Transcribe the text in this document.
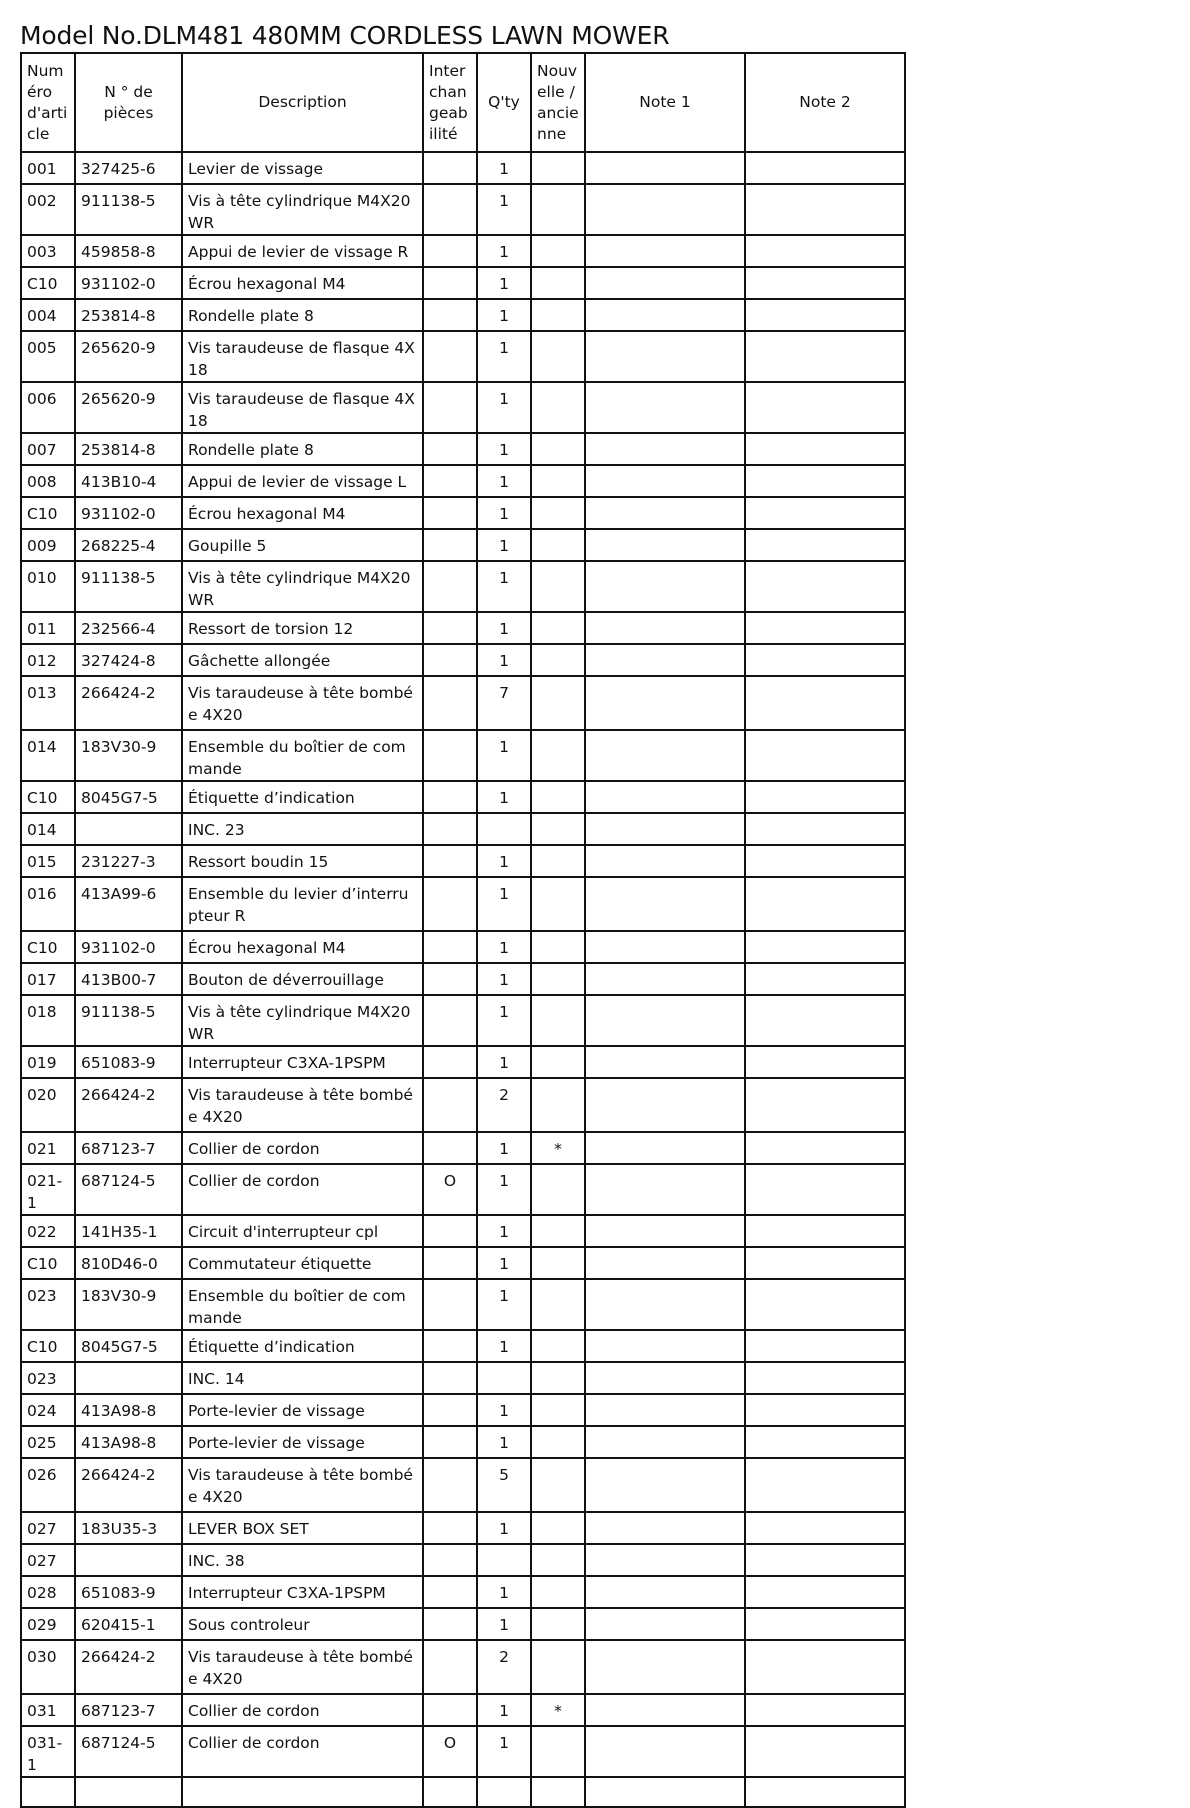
Model No.DLM481 480MM CORDLESS LAWN MOWER
Numéro d'article	N ° de pièces	Description	Interchangeabilité	Q'ty	Nouvelle / ancienne	Note 1	Note 2
001	327425-6	Levier de vissage		1			
002	911138-5	Vis à tête cylindrique M4X20 WR		1			
003	459858-8	Appui de levier de vissage R		1			
C10	931102-0	Écrou hexagonal M4		1			
004	253814-8	Rondelle plate 8		1			
005	265620-9	Vis taraudeuse de flasque 4X18		1			
006	265620-9	Vis taraudeuse de flasque 4X18		1			
007	253814-8	Rondelle plate 8		1			
008	413B10-4	Appui de levier de vissage L		1			
C10	931102-0	Écrou hexagonal M4		1			
009	268225-4	Goupille 5		1			
010	911138-5	Vis à tête cylindrique M4X20 WR		1			
011	232566-4	Ressort de torsion 12		1			
012	327424-8	Gâchette allongée		1			
013	266424-2	Vis taraudeuse à tête bombée 4X20		7			
014	183V30-9	Ensemble du boîtier de commande		1			
C10	8045G7-5	Étiquette d’indication		1			
014		INC. 23					
015	231227-3	Ressort boudin 15		1			
016	413A99-6	Ensemble du levier d’interrupteur R		1			
C10	931102-0	Écrou hexagonal M4		1			
017	413B00-7	Bouton de déverrouillage		1			
018	911138-5	Vis à tête cylindrique M4X20 WR		1			
019	651083-9	Interrupteur C3XA-1PSPM		1			
020	266424-2	Vis taraudeuse à tête bombée 4X20		2			
021	687123-7	Collier de cordon		1	*		
021-1	687124-5	Collier de cordon	O	1			
022	141H35-1	Circuit d'interrupteur cpl		1			
C10	810D46-0	Commutateur étiquette		1			
023	183V30-9	Ensemble du boîtier de commande		1			
C10	8045G7-5	Étiquette d’indication		1			
023		INC. 14					
024	413A98-8	Porte-levier de vissage		1			
025	413A98-8	Porte-levier de vissage		1			
026	266424-2	Vis taraudeuse à tête bombée 4X20		5			
027	183U35-3	LEVER BOX SET		1			
027		INC. 38					
028	651083-9	Interrupteur C3XA-1PSPM		1			
029	620415-1	Sous controleur		1			
030	266424-2	Vis taraudeuse à tête bombée 4X20		2			
031	687123-7	Collier de cordon		1	*		
031-1	687124-5	Collier de cordon	O	1			
